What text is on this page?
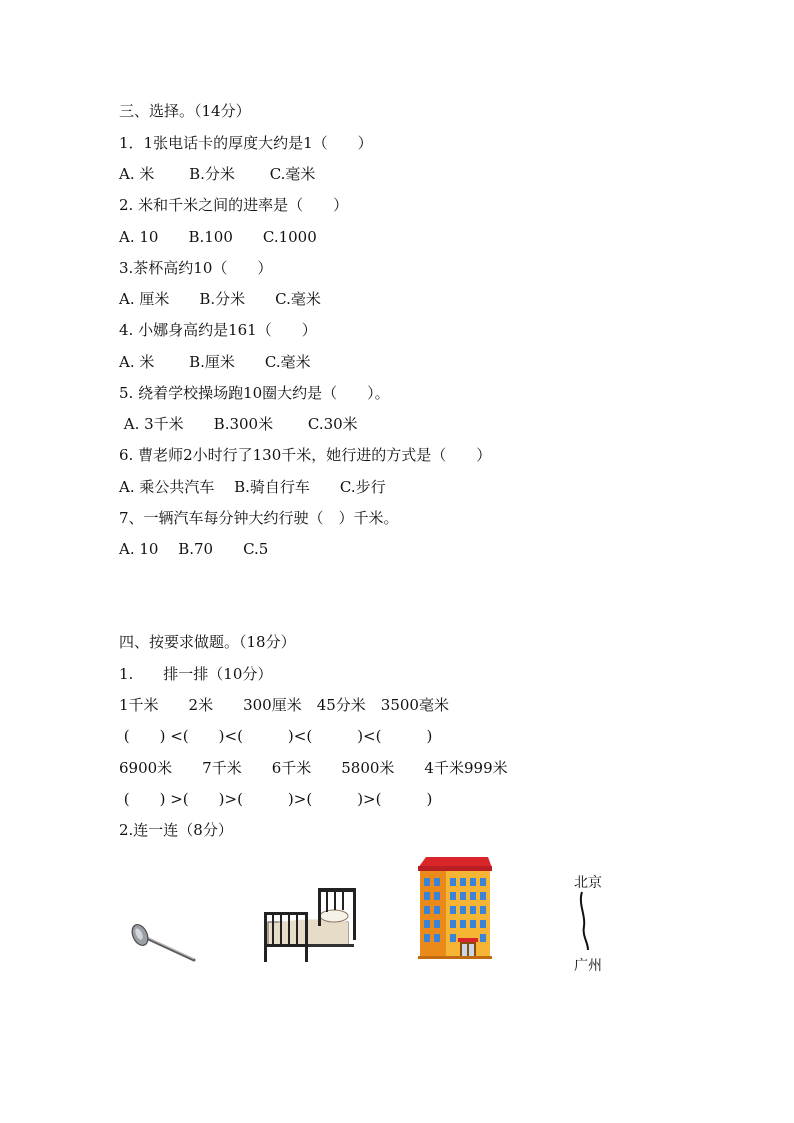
三、选择。（14分）
1．1张电话卡的厚度大约是1（　　）
A. 米　　 B.分米　　 C.毫米
2. 米和千米之间的进率是（　　）
A. 10　　B.100　　C.1000
3.茶杯高约10（　　）
A. 厘米　　B.分米　　C.毫米
4. 小娜身高约是161（　　）
A. 米　　 B.厘米　　C.毫米
5. 绕着学校操场跑10圈大约是（　　）。
A. 3千米　　B.300米　　 C.30米
6. 曹老师2小时行了130千米，她行进的方式是（　　）
A. 乘公共汽车　 B.骑自行车　　C.步行
7、一辆汽车每分钟大约行驶（　）千米。
A. 10　 B.70　　C.5
四、按要求做题。（18分）
1.　　排一排（10分）
1千米　　2米　　300厘米　45分米　3500毫米
(　　) <(　　)<(　　　)<(　　　)<(　　　)
6900米　　7千米　　6千米　　5800米　　4千米999米
(　　) >(　　)>(　　　)>(　　　)>(　　　)
2.连一连（8分）
北京
广州
